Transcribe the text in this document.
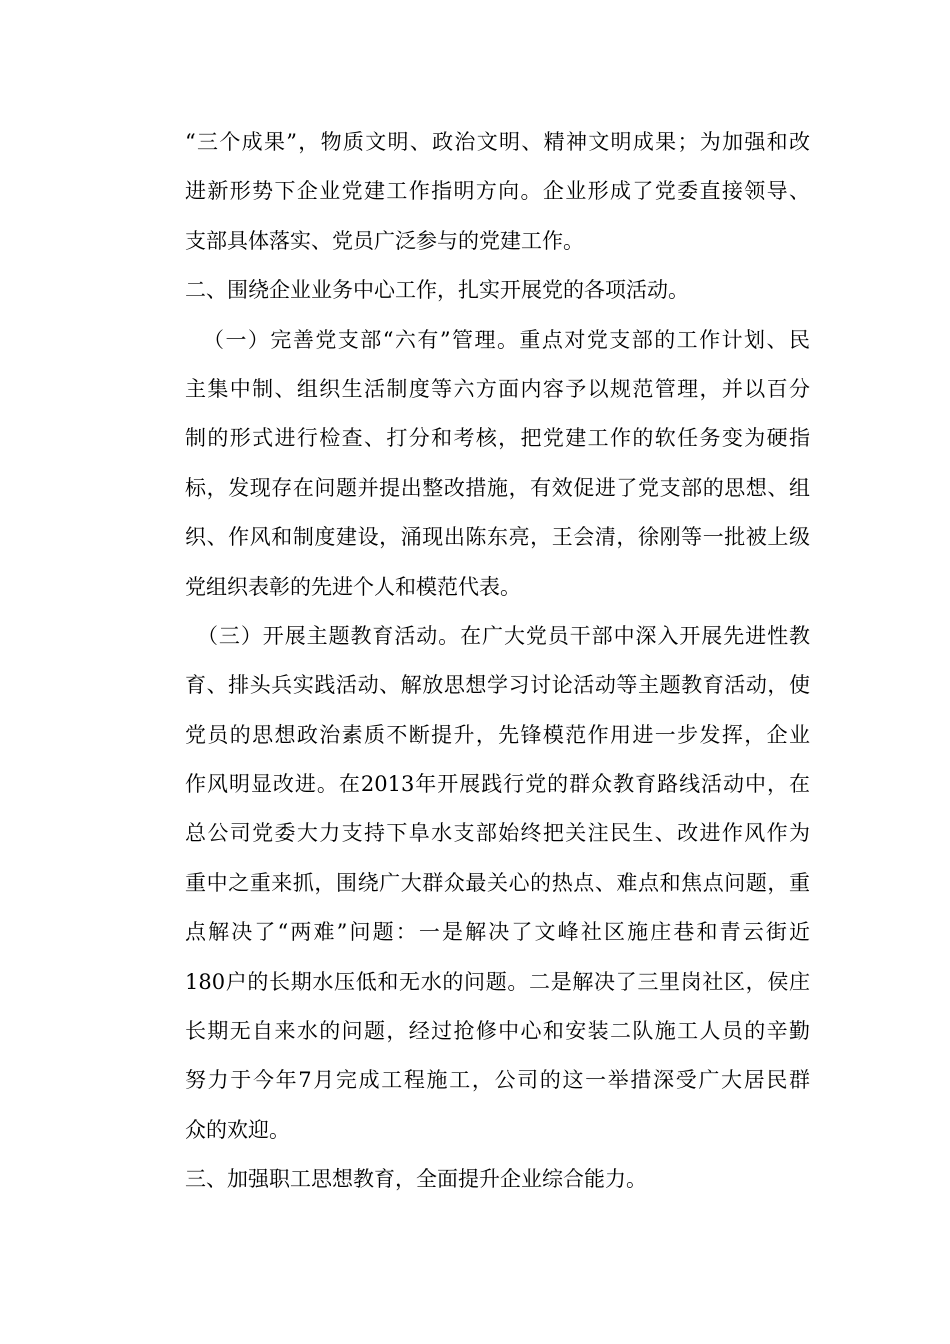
“三个成果”，物质文明、政治文明、精神文明成果；为加强和改
进新形势下企业党建工作指明方向。企业形成了党委直接领导、
支部具体落实、党员广泛参与的党建工作。
二、围绕企业业务中心工作，扎实开展党的各项活动。
（一）完善党支部“六有”管理。重点对党支部的工作计划、民
主集中制、组织生活制度等六方面内容予以规范管理，并以百分
制的形式进行检查、打分和考核，把党建工作的软任务变为硬指
标，发现存在问题并提出整改措施，有效促进了党支部的思想、组
织、作风和制度建设，涌现出陈东亮，王会清，徐刚等一批被上级
党组织表彰的先进个人和模范代表。
（三）开展主题教育活动。在广大党员干部中深入开展先进性教
育、排头兵实践活动、解放思想学习讨论活动等主题教育活动，使
党员的思想政治素质不断提升，先锋模范作用进一步发挥，企业
作风明显改进。在2013年开展践行党的群众教育路线活动中，在
总公司党委大力支持下阜水支部始终把关注民生、改进作风作为
重中之重来抓，围绕广大群众最关心的热点、难点和焦点问题，重
点解决了“两难”问题：一是解决了文峰社区施庄巷和青云街近
180户的长期水压低和无水的问题。二是解决了三里岗社区，侯庄
长期无自来水的问题，经过抢修中心和安装二队施工人员的辛勤
努力于今年7月完成工程施工，公司的这一举措深受广大居民群
众的欢迎。
三、加强职工思想教育，全面提升企业综合能力。
